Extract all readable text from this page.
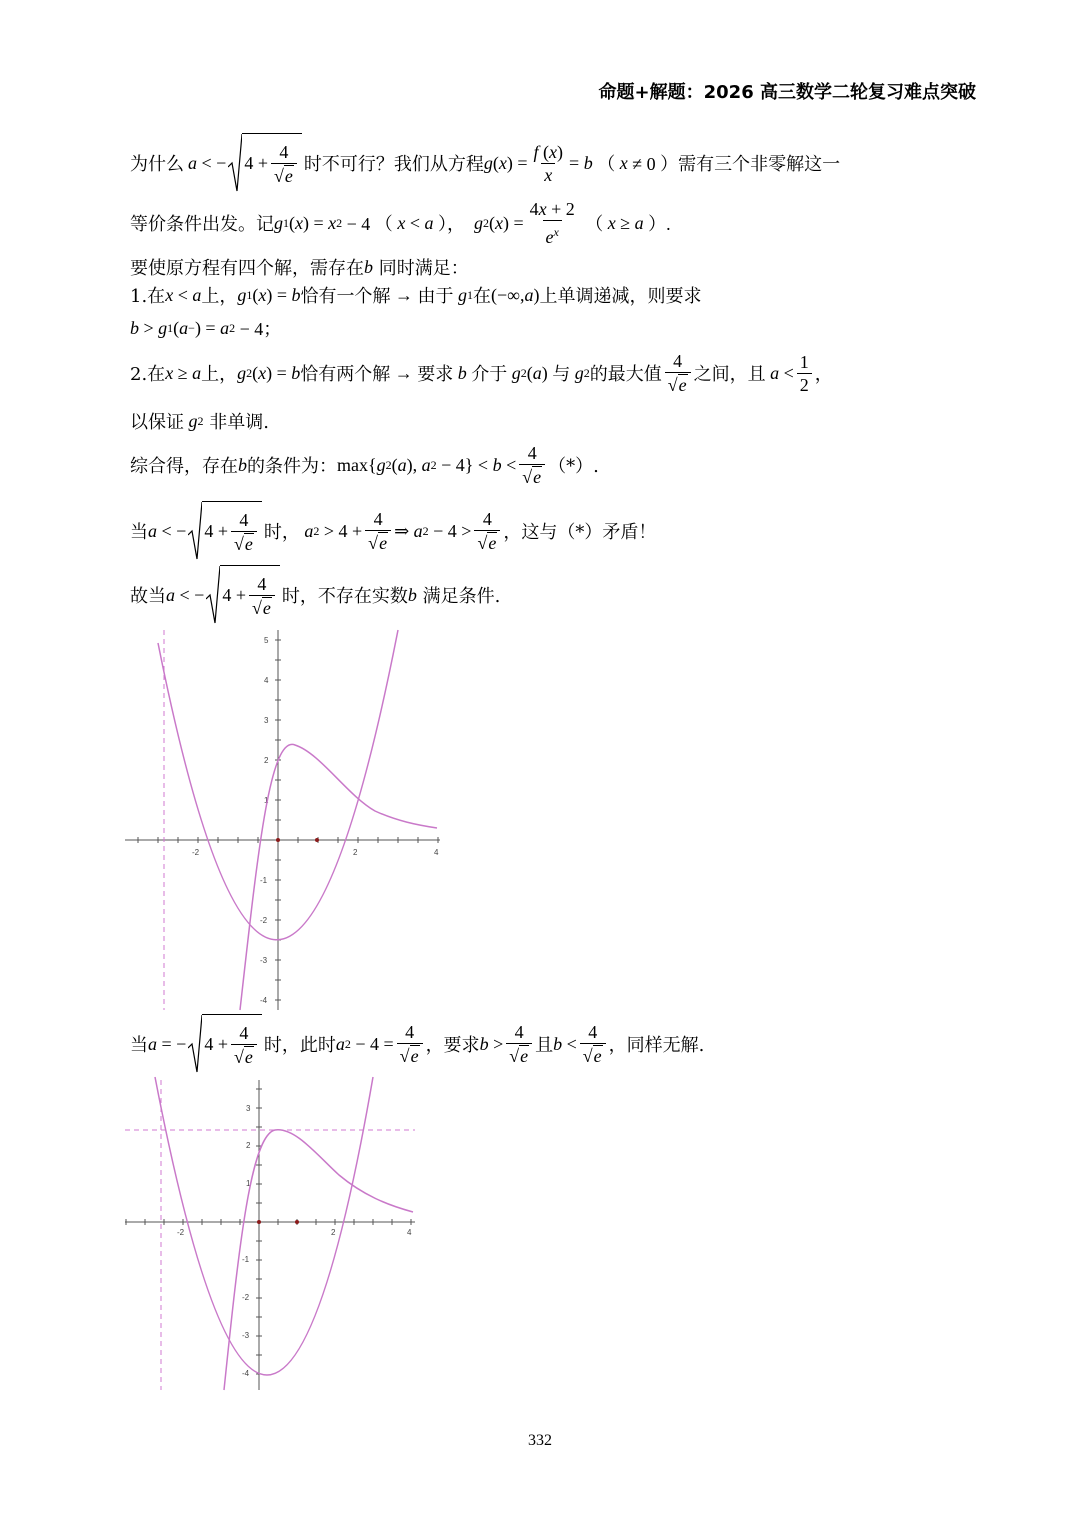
命题+解题：2026 高三数学二轮复习难点突破
为什么 a < − $4 + \frac{4}{√ e}$ 时不可行？我们从方程 g ( x ) = $\frac{f (x)}{x} = b$ （ x ≠ 0 ） 需有三个非零解这一
等价条件出发。记 g 1 ( x ) = x 2 − 4 （ x < a ）， g 2 ( x ) = $\frac{4x + 2}{e^x}$ （ x ≥ a ）.
要使原方程有四个解，需存在 b
同时满足：
1.在 x < a 上， g 1 ( x ) = b 恰有一个解 → 由于 g 1 在 (−∞, a ) 上单调递减，则要求
b > g 1 ( a − ) = a 2 − 4；
2.在 x ≥ a 上， g 2 ( x ) = b 恰有两个解 → 要求 b 介于 g 2 ( a ) 与 g 2 的最大值 $\frac{4}{√ e}$ 之间，且 $a < \frac{1}{2}$ ，
以保证 g 2
非单调.
综合得，存在 b 的条件为： max{ g 2 ( a ), a $2 - 4\} < b < \frac{4}{√ e}$ （*）.
当 a < − $4 + \frac{4}{√ e}$ 时， a $2 > 4 + \frac{4}{√ e}$ ⇒ a $2 - 4 > \frac{4}{√ e}$ ，这与（*）矛盾！
故当 a < − $4 + \frac{4}{√ e}$ 时，不存在实数 b
满足条件.
-2	2	4
5
4
3
2
1
-1
-2
-3
-4
当 a = − $4 + \frac{4}{√ e}$ 时，此时 a $2 - 4 = \frac{4}{√ e}$ ，要求 $b > \frac{4}{√ e}$ 且 $b < \frac{4}{√ e}$ ，同样无解.
-2	2	4
3
2
1
-1
-2
-3
-4
332
